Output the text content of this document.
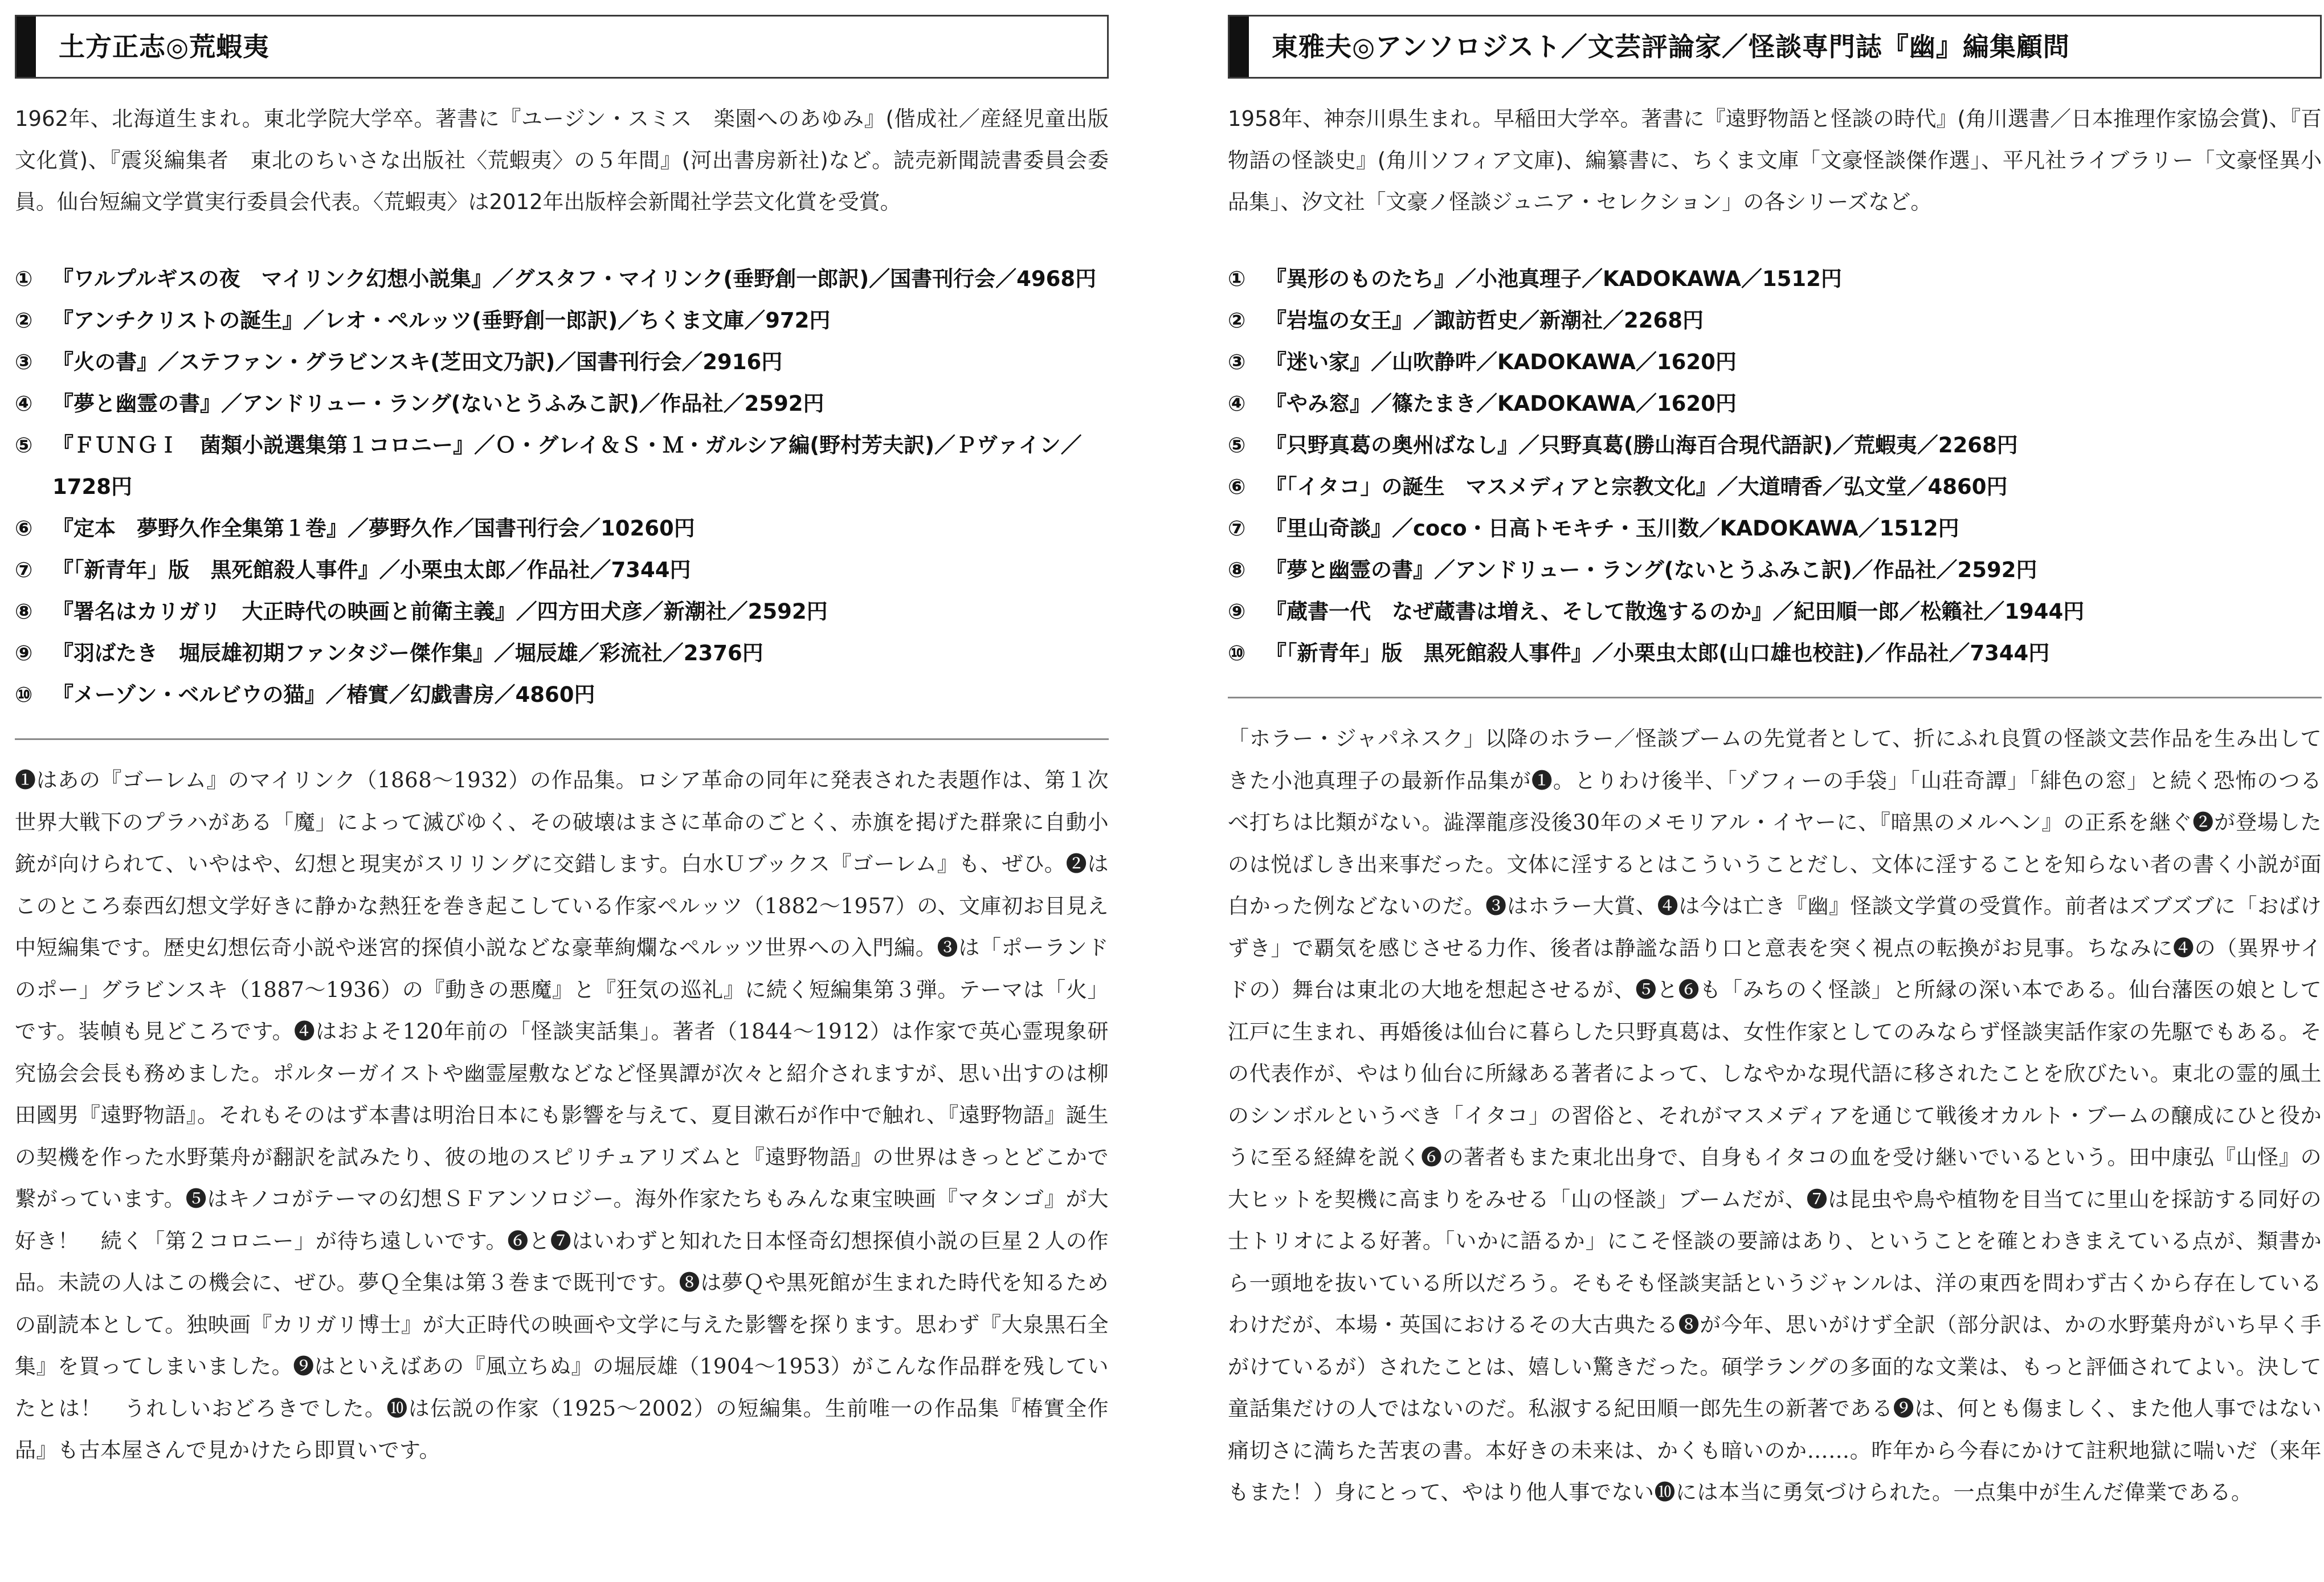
土方正志◎荒蝦夷

1962年、北海道生まれ。東北学院大学卒。著書に『ユージン・スミス　楽園へのあゆみ』(偕成社／産経児童出版文化賞)、『震災編集者　東北のちいさな出版社〈荒蝦夷〉の５年間』(河出書房新社)など。読売新聞読書委員会委員。仙台短編文学賞実行委員会代表。〈荒蝦夷〉は2012年出版梓会新聞社学芸文化賞を受賞。

① 『ワルプルギスの夜　マイリンク幻想小説集』／グスタフ・マイリンク(垂野創一郎訳)／国書刊行会／4968円
② 『アンチクリストの誕生』／レオ・ペルッツ(垂野創一郎訳)／ちくま文庫／972円
③ 『火の書』／ステファン・グラビンスキ(芝田文乃訳)／国書刊行会／2916円
④ 『夢と幽霊の書』／アンドリュー・ラング(ないとうふみこ訳)／作品社／2592円
⑤ 『ＦＵＮＧＩ　菌類小説選集第１コロニー』／Ｏ・グレイ＆Ｓ・Ｍ・ガルシア編(野村芳夫訳)／Ｐヴァイン／1728円
⑥ 『定本　夢野久作全集第１巻』／夢野久作／国書刊行会／10260円
⑦ 『「新青年」版　黒死館殺人事件』／小栗虫太郎／作品社／7344円
⑧ 『署名はカリガリ　大正時代の映画と前衛主義』／四方田犬彦／新潮社／2592円
⑨ 『羽ばたき　堀辰雄初期ファンタジー傑作集』／堀辰雄／彩流社／2376円
⑩ 『メーゾン・ベルビウの猫』／椿實／幻戯書房／4860円

❶はあの『ゴーレム』のマイリンク（1868〜1932）の作品集。ロシア革命の同年に発表された表題作は、第１次世界大戦下のプラハがある「魔」によって滅びゆく、その破壊はまさに革命のごとく、赤旗を掲げた群衆に自動小銃が向けられて、いやはや、幻想と現実がスリリングに交錯します。白水Ｕブックス『ゴーレム』も、ぜひ。❷はこのところ泰西幻想文学好きに静かな熱狂を巻き起こしている作家ペルッツ（1882〜1957）の、文庫初お目見え中短編集です。歴史幻想伝奇小説や迷宮的探偵小説などな豪華絢爛なペルッツ世界への入門編。❸は「ポーランドのポー」グラビンスキ（1887〜1936）の『動きの悪魔』と『狂気の巡礼』に続く短編集第３弾。テーマは「火」です。装幀も見どころです。❹はおよそ120年前の「怪談実話集」。著者（1844〜1912）は作家で英心霊現象研究協会会長も務めました。ポルターガイストや幽霊屋敷などなど怪異譚が次々と紹介されますが、思い出すのは柳田國男『遠野物語』。それもそのはず本書は明治日本にも影響を与えて、夏目漱石が作中で触れ、『遠野物語』誕生の契機を作った水野葉舟が翻訳を試みたり、彼の地のスピリチュアリズムと『遠野物語』の世界はきっとどこかで繋がっています。❺はキノコがテーマの幻想ＳＦアンソロジー。海外作家たちもみんな東宝映画『マタンゴ』が大好き！　続く「第２コロニー」が待ち遠しいです。❻と❼はいわずと知れた日本怪奇幻想探偵小説の巨星２人の作品。未読の人はこの機会に、ぜひ。夢Ｑ全集は第３巻まで既刊です。❽は夢Ｑや黒死館が生まれた時代を知るための副読本として。独映画『カリガリ博士』が大正時代の映画や文学に与えた影響を探ります。思わず『大泉黒石全集』を買ってしまいました。❾はといえばあの『風立ちぬ』の堀辰雄（1904〜1953）がこんな作品群を残していたとは！　うれしいおどろきでした。❿は伝説の作家（1925〜2002）の短編集。生前唯一の作品集『椿實全作品』も古本屋さんで見かけたら即買いです。

東雅夫◎アンソロジスト／文芸評論家／怪談専門誌『幽』編集顧問

1958年、神奈川県生まれ。早稲田大学卒。著書に『遠野物語と怪談の時代』(角川選書／日本推理作家協会賞)、『百物語の怪談史』(角川ソフィア文庫)、編纂書に、ちくま文庫「文豪怪談傑作選」、平凡社ライブラリー「文豪怪異小品集」、汐文社「文豪ノ怪談ジュニア・セレクション」の各シリーズなど。

① 『異形のものたち』／小池真理子／KADOKAWA／1512円
② 『岩塩の女王』／諏訪哲史／新潮社／2268円
③ 『迷い家』／山吹静吽／KADOKAWA／1620円
④ 『やみ窓』／篠たまき／KADOKAWA／1620円
⑤ 『只野真葛の奥州ばなし』／只野真葛(勝山海百合現代語訳)／荒蝦夷／2268円
⑥ 『「イタコ」の誕生　マスメディアと宗教文化』／大道晴香／弘文堂／4860円
⑦ 『里山奇談』／coco・日高トモキチ・玉川数／KADOKAWA／1512円
⑧ 『夢と幽霊の書』／アンドリュー・ラング(ないとうふみこ訳)／作品社／2592円
⑨ 『蔵書一代　なぜ蔵書は増え、そして散逸するのか』／紀田順一郎／松籟社／1944円
⑩ 『「新青年」版　黒死館殺人事件』／小栗虫太郎(山口雄也校註)／作品社／7344円

「ホラー・ジャパネスク」以降のホラー／怪談ブームの先覚者として、折にふれ良質の怪談文芸作品を生み出してきた小池真理子の最新作品集が❶。とりわけ後半、「ゾフィーの手袋」「山荘奇譚」「緋色の窓」と続く恐怖のつるべ打ちは比類がない。澁澤龍彦没後30年のメモリアル・イヤーに、『暗黒のメルヘン』の正系を継ぐ❷が登場したのは悦ばしき出来事だった。文体に淫するとはこういうことだし、文体に淫することを知らない者の書く小説が面白かった例などないのだ。❸はホラー大賞、❹は今は亡き『幽』怪談文学賞の受賞作。前者はズブズブに「おばけずき」で覇気を感じさせる力作、後者は静謐な語り口と意表を突く視点の転換がお見事。ちなみに❹の（異界サイドの）舞台は東北の大地を想起させるが、❺と❻も「みちのく怪談」と所縁の深い本である。仙台藩医の娘として江戸に生まれ、再婚後は仙台に暮らした只野真葛は、女性作家としてのみならず怪談実話作家の先駆でもある。その代表作が、やはり仙台に所縁ある著者によって、しなやかな現代語に移されたことを欣びたい。東北の霊的風土のシンボルというべき「イタコ」の習俗と、それがマスメディアを通じて戦後オカルト・ブームの醸成にひと役かうに至る経緯を説く❻の著者もまた東北出身で、自身もイタコの血を受け継いでいるという。田中康弘『山怪』の大ヒットを契機に高まりをみせる「山の怪談」ブームだが、❼は昆虫や鳥や植物を目当てに里山を採訪する同好の士トリオによる好著。「いかに語るか」にこそ怪談の要諦はあり、ということを確とわきまえている点が、類書から一頭地を抜いている所以だろう。そもそも怪談実話というジャンルは、洋の東西を問わず古くから存在しているわけだが、本場・英国におけるその大古典たる❽が今年、思いがけず全訳（部分訳は、かの水野葉舟がいち早く手がけているが）されたことは、嬉しい驚きだった。碩学ラングの多面的な文業は、もっと評価されてよい。決して童話集だけの人ではないのだ。私淑する紀田順一郎先生の新著である❾は、何とも傷ましく、また他人事ではない痛切さに満ちた苦衷の書。本好きの未来は、かくも暗いのか……。昨年から今春にかけて註釈地獄に喘いだ（来年もまた！）身にとって、やはり他人事でない❿には本当に勇気づけられた。一点集中が生んだ偉業である。
